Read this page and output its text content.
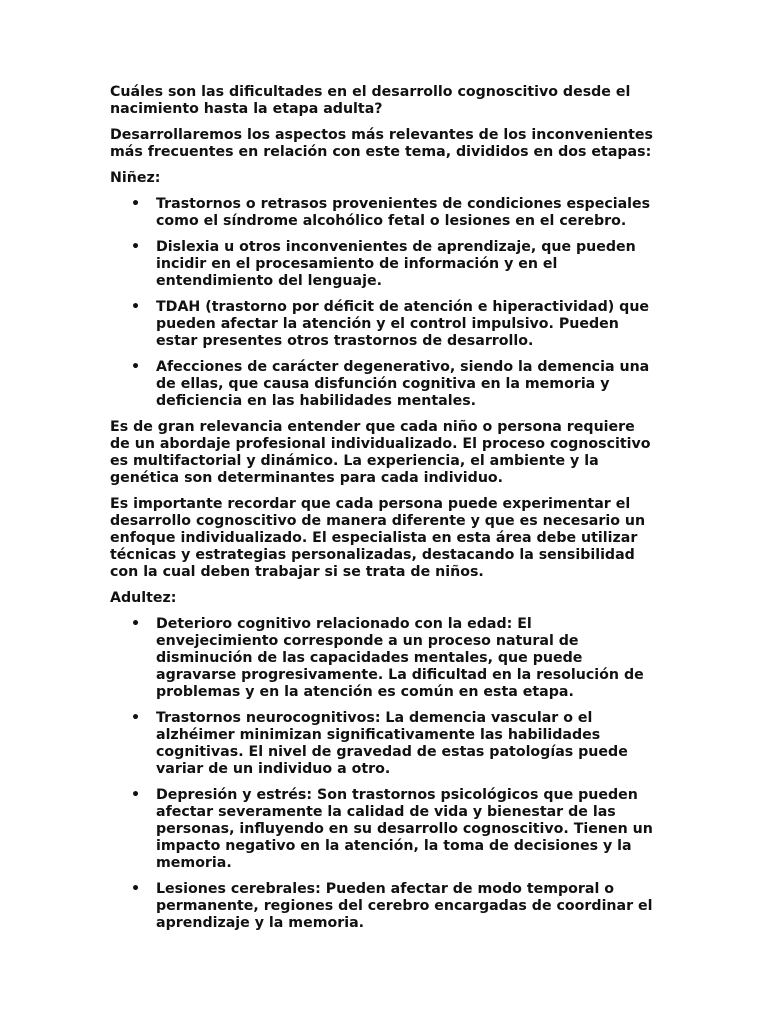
Cuáles son las dificultades en el desarrollo cognoscitivo desde el nacimiento hasta la etapa adulta?

Desarrollaremos los aspectos más relevantes de los inconvenientes más frecuentes en relación con este tema, divididos en dos etapas:

Niñez:

• Trastornos o retrasos provenientes de condiciones especiales como el síndrome alcohólico fetal o lesiones en el cerebro.
• Dislexia u otros inconvenientes de aprendizaje, que pueden incidir en el procesamiento de información y en el entendimiento del lenguaje.
• TDAH (trastorno por déficit de atención e hiperactividad) que pueden afectar la atención y el control impulsivo. Pueden estar presentes otros trastornos de desarrollo.
• Afecciones de carácter degenerativo, siendo la demencia una de ellas, que causa disfunción cognitiva en la memoria y deficiencia en las habilidades mentales.

Es de gran relevancia entender que cada niño o persona requiere de un abordaje profesional individualizado. El proceso cognoscitivo es multifactorial y dinámico. La experiencia, el ambiente y la genética son determinantes para cada individuo.

Es importante recordar que cada persona puede experimentar el desarrollo cognoscitivo de manera diferente y que es necesario un enfoque individualizado. El especialista en esta área debe utilizar técnicas y estrategias personalizadas, destacando la sensibilidad con la cual deben trabajar si se trata de niños.

Adultez:

• Deterioro cognitivo relacionado con la edad: El envejecimiento corresponde a un proceso natural de disminución de las capacidades mentales, que puede agravarse progresivamente. La dificultad en la resolución de problemas y en la atención es común en esta etapa.
• Trastornos neurocognitivos: La demencia vascular o el alzhéimer minimizan significativamente las habilidades cognitivas. El nivel de gravedad de estas patologías puede variar de un individuo a otro.
• Depresión y estrés: Son trastornos psicológicos que pueden afectar severamente la calidad de vida y bienestar de las personas, influyendo en su desarrollo cognoscitivo. Tienen un impacto negativo en la atención, la toma de decisiones y la memoria.
• Lesiones cerebrales: Pueden afectar de modo temporal o permanente, regiones del cerebro encargadas de coordinar el aprendizaje y la memoria.
